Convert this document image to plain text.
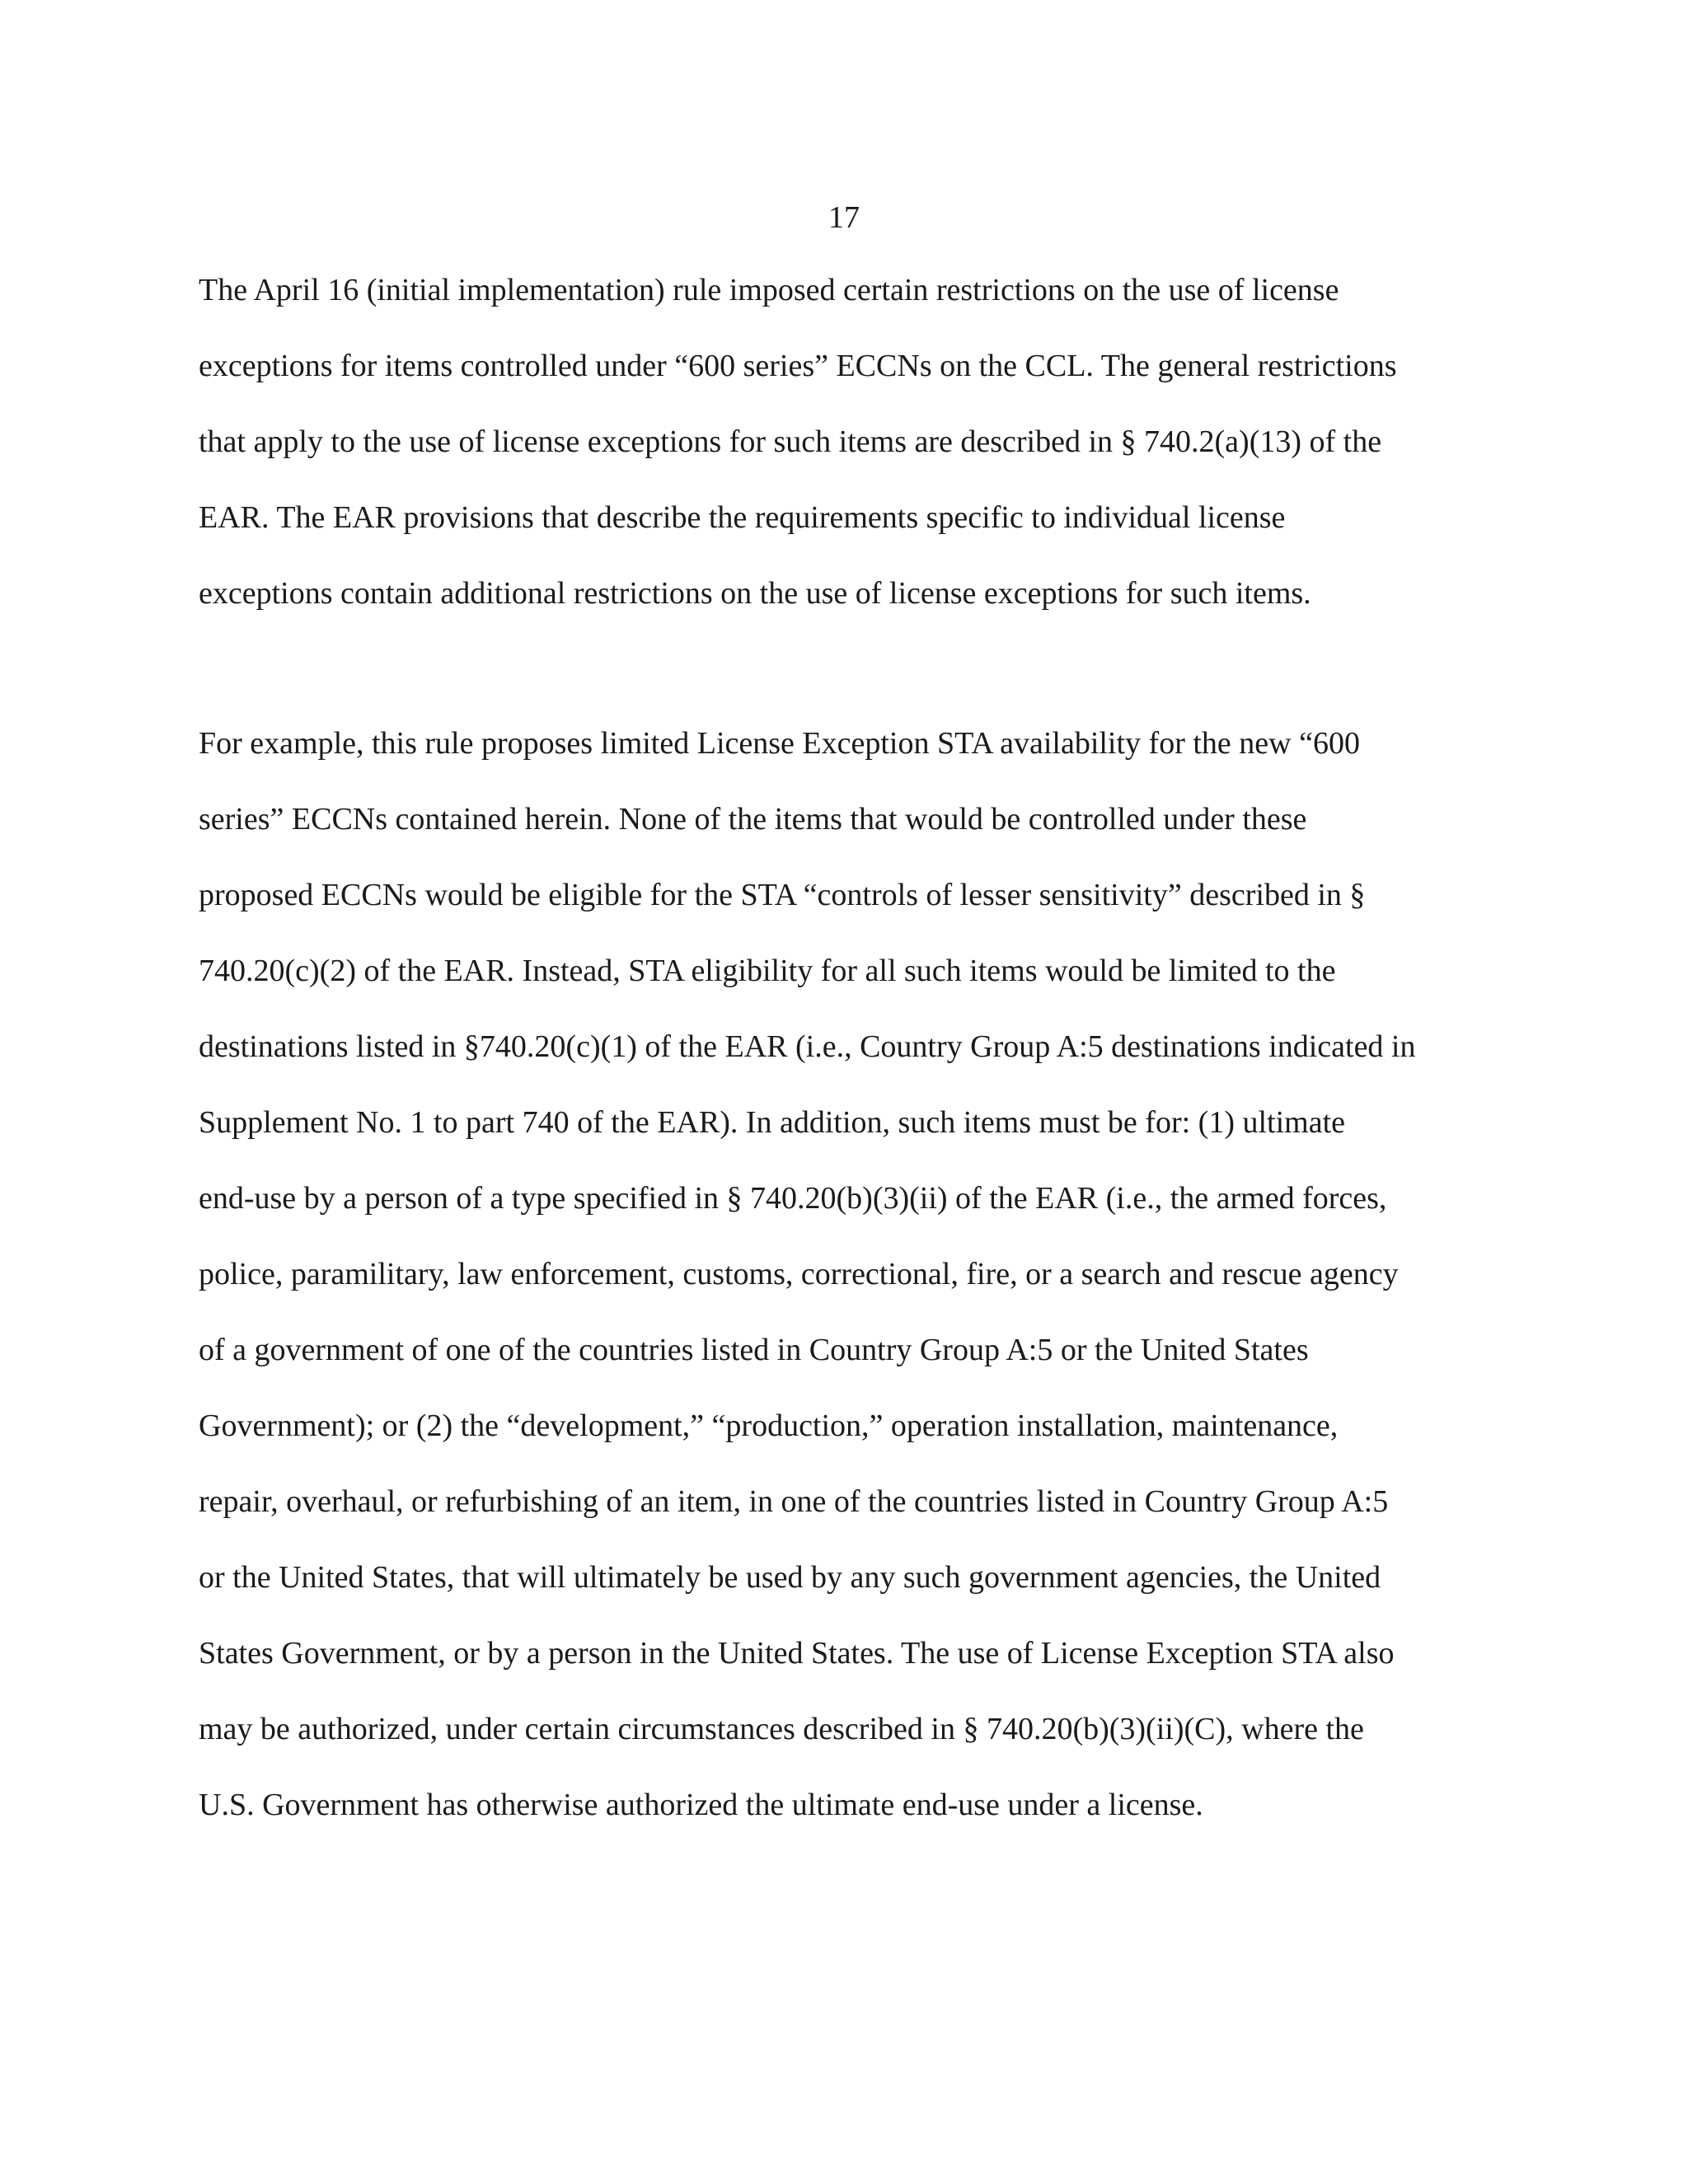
17
The April 16 (initial implementation) rule imposed certain restrictions on the use of license
exceptions for items controlled under “600 series” ECCNs on the CCL. The general restrictions
that apply to the use of license exceptions for such items are described in § 740.2(a)(13) of the
EAR. The EAR provisions that describe the requirements specific to individual license
exceptions contain additional restrictions on the use of license exceptions for such items.
For example, this rule proposes limited License Exception STA availability for the new “600
series” ECCNs contained herein. None of the items that would be controlled under these
proposed ECCNs would be eligible for the STA “controls of lesser sensitivity” described in §
740.20(c)(2) of the EAR. Instead, STA eligibility for all such items would be limited to the
destinations listed in §740.20(c)(1) of the EAR (i.e., Country Group A:5 destinations indicated in
Supplement No. 1 to part 740 of the EAR). In addition, such items must be for: (1) ultimate
end-use by a person of a type specified in § 740.20(b)(3)(ii) of the EAR (i.e., the armed forces,
police, paramilitary, law enforcement, customs, correctional, fire, or a search and rescue agency
of a government of one of the countries listed in Country Group A:5 or the United States
Government); or (2) the “development,” “production,” operation installation, maintenance,
repair, overhaul, or refurbishing of an item, in one of the countries listed in Country Group A:5
or the United States, that will ultimately be used by any such government agencies, the United
States Government, or by a person in the United States. The use of License Exception STA also
may be authorized, under certain circumstances described in § 740.20(b)(3)(ii)(C), where the
U.S. Government has otherwise authorized the ultimate end-use under a license.
